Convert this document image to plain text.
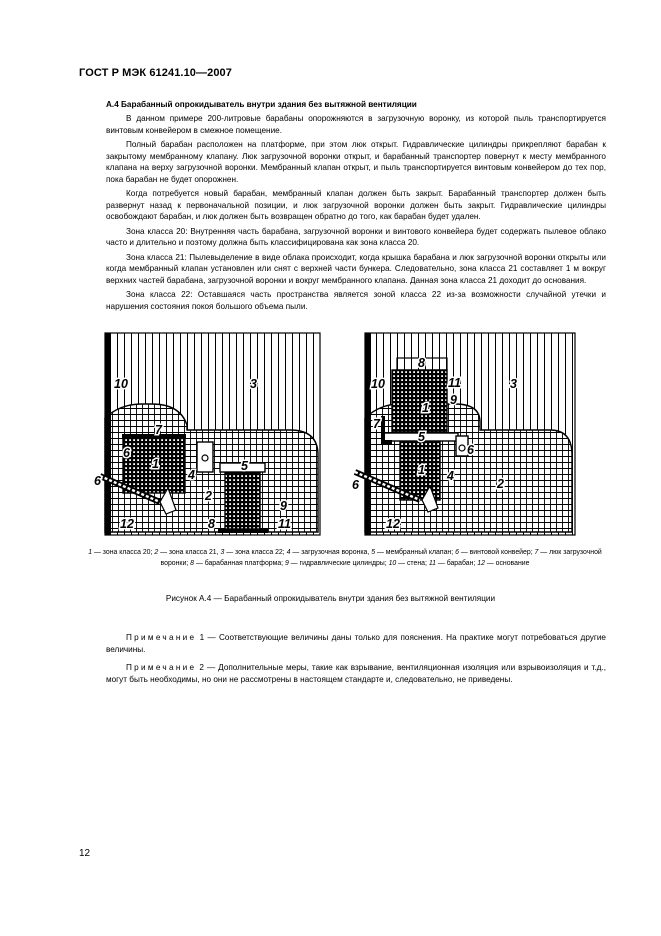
ГОСТ Р МЭК 61241.10—2007

А.4 Барабанный опрокидыватель внутри здания без вытяжной вентиляции

В данном примере 200-литровые барабаны опорожняются в загрузочную воронку, из которой пыль транспортируется винтовым конвейером в смежное помещение.

Полный барабан расположен на платформе, при этом люк открыт. Гидравлические цилиндры прикрепляют барабан к закрытому мембранному клапану. Люк загрузочной воронки открыт, и барабанный транспортер повернут к месту мембранного клапана на верху загрузочной воронки. Мембранный клапан открыт, и пыль транспортируется винтовым конвейером до тех пор, пока барабан не будет опорожнен.

Когда потребуется новый барабан, мембранный клапан должен быть закрыт. Барабанный транспортер должен быть развернут назад к первоначальной позиции, и люк загрузочной воронки должен быть закрыт. Гидравлические цилиндры освобождают барабан, и люк должен быть возвращен обратно до того, как барабан будет удален.

Зона класса 20: Внутренняя часть барабана, загрузочной воронки и винтового конвейера будет содержать пылевое облако часто и длительно и поэтому должна быть классифицирована как зона класса 20.

Зона класса 21: Пылевыделение в виде облака происходит, когда крышка барабана и люк загрузочной воронки открыты или когда мембранный клапан установлен или снят с верхней части бункера. Следовательно, зона класса 21 составляет 1 м вокруг верхних частей барабана, загрузочной воронки и вокруг мембранного клапана. Данная зона класса 21 доходит до основания.

Зона класса 22: Оставшаяся часть пространства является зоной класса 22 из-за возможности случайной утечки и нарушения состояния покоя большого объема пыли.

10	3
7
1
6
4
5
2
9
8	11
12
6
8
10	11
9
3
1
7
5
6
4
1
2
6
12
1 — зона класса 20; 2 — зона класса 21, 3 — зона класса 22; 4 — загрузочная воронка, 5 — мембранный клапан; 6 — винтовой конвейер; 7 — люк загрузочной воронки; 8 — барабанная платформа; 9 — гидравлические цилиндры; 10 — стена; 11 — барабан; 12 — основание
Рисунок А.4 — Барабанный опрокидыватель внутри здания без вытяжной вентиляции

Примечание 1 — Соответствующие величины даны только для пояснения. На практике могут потребоваться другие величины.

Примечание 2 — Дополнительные меры, такие как взрывание, вентиляционная изоляция или взрывоизоляция и т.д., могут быть необходимы, но они не рассмотрены в настоящем стандарте и, следовательно, не приведены.

12
